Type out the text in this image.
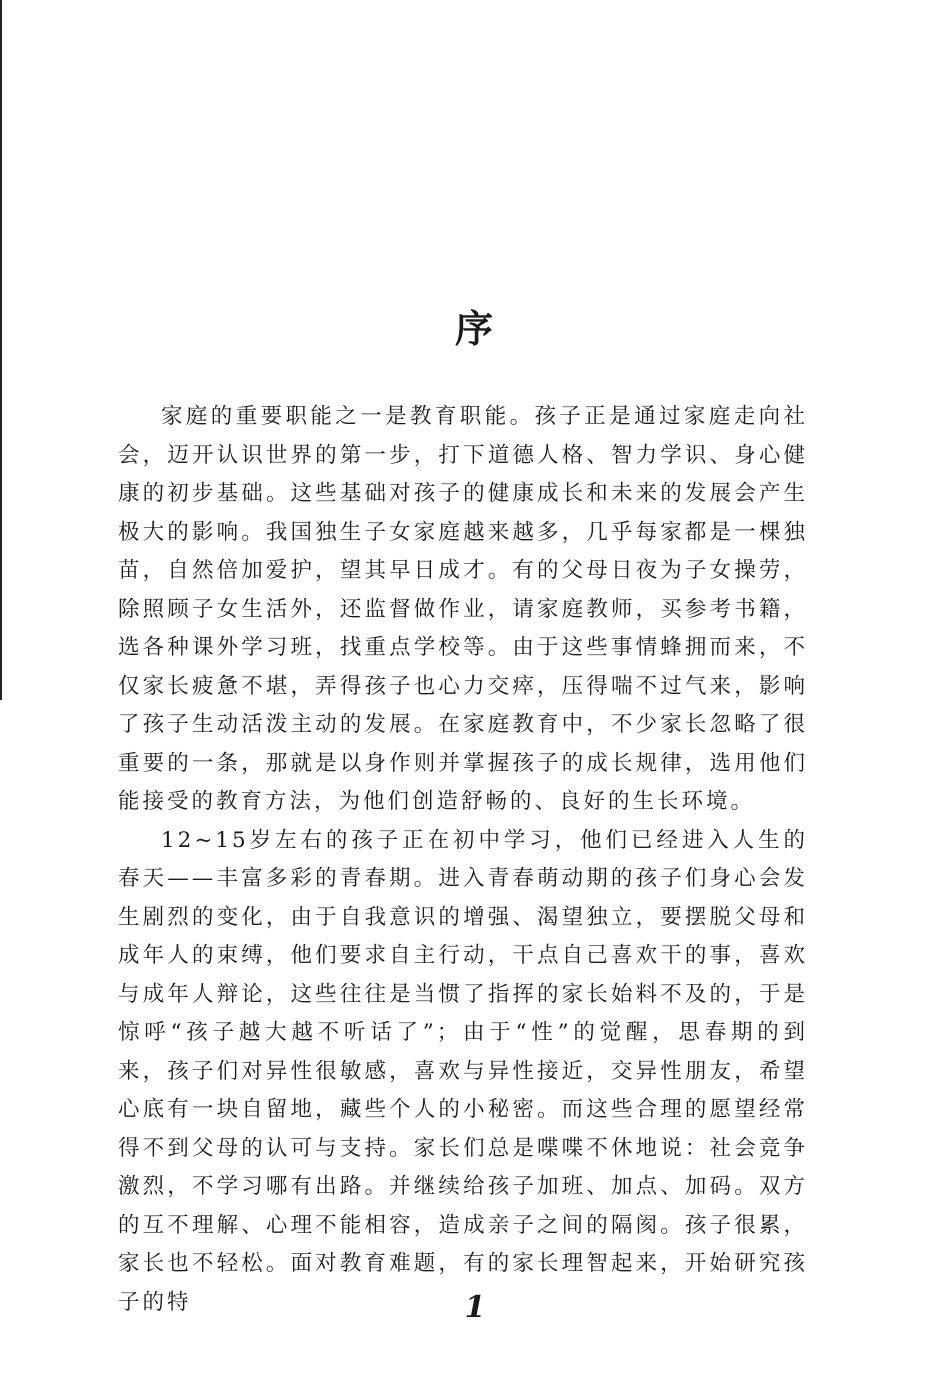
序

家庭的重要职能之一是教育职能。孩子正是通过家庭走向社会，迈开认识世界的第一步，打下道德人格、智力学识、身心健康的初步基础。这些基础对孩子的健康成长和未来的发展会产生极大的影响。我国独生子女家庭越来越多，几乎每家都是一棵独苗，自然倍加爱护，望其早日成才。有的父母日夜为子女操劳，除照顾子女生活外，还监督做作业，请家庭教师，买参考书籍，选各种课外学习班，找重点学校等。由于这些事情蜂拥而来，不仅家长疲惫不堪，弄得孩子也心力交瘁，压得喘不过气来，影响了孩子生动活泼主动的发展。在家庭教育中，不少家长忽略了很重要的一条，那就是以身作则并掌握孩子的成长规律，选用他们能接受的教育方法，为他们创造舒畅的、良好的生长环境。

12~15岁左右的孩子正在初中学习，他们已经进入人生的春天——丰富多彩的青春期。进入青春萌动期的孩子们身心会发生剧烈的变化，由于自我意识的增强、渴望独立，要摆脱父母和成年人的束缚，他们要求自主行动，干点自己喜欢干的事，喜欢与成年人辩论，这些往往是当惯了指挥的家长始料不及的，于是惊呼“孩子越大越不听话了”；由于“性”的觉醒，思春期的到来，孩子们对异性很敏感，喜欢与异性接近，交异性朋友，希望心底有一块自留地，藏些个人的小秘密。而这些合理的愿望经常得不到父母的认可与支持。家长们总是喋喋不休地说：社会竞争激烈，不学习哪有出路。并继续给孩子加班、加点、加码。双方的互不理解、心理不能相容，造成亲子之间的隔阂。孩子很累，家长也不轻松。面对教育难题，有的家长理智起来，开始研究孩子的特	1
